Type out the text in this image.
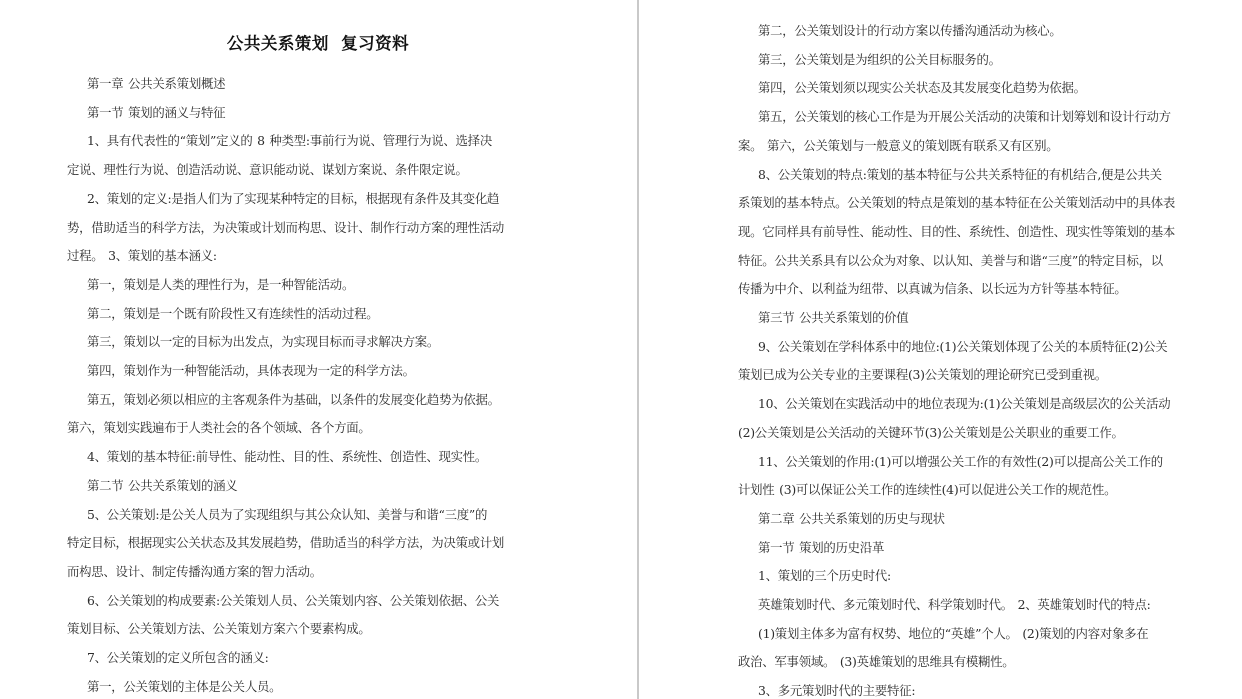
公共关系策划 复习资料
第一章 公共关系策划概述
第一节 策划的涵义与特征
1、具有代表性的“策划”定义的 8 种类型:事前行为说、管理行为说、选择决
定说、理性行为说、创造活动说、意识能动说、谋划方案说、条件限定说。
2、策划的定义:是指人们为了实现某种特定的目标，根据现有条件及其变化趋
势，借助适当的科学方法，为决策或计划而构思、设计、制作行动方案的理性活动
过程。 3、策划的基本涵义:
第一，策划是人类的理性行为，是一种智能活动。
第二，策划是一个既有阶段性又有连续性的活动过程。
第三，策划以一定的目标为出发点，为实现目标而寻求解决方案。
第四，策划作为一种智能活动，具体表现为一定的科学方法。
第五，策划必须以相应的主客观条件为基础，以条件的发展变化趋势为依据。
第六，策划实践遍布于人类社会的各个领域、各个方面。
4、策划的基本特征:前导性、能动性、目的性、系统性、创造性、现实性。
第二节 公共关系策划的涵义
5、公关策划:是公关人员为了实现组织与其公众认知、美誉与和谐“三度”的
特定目标，根据现实公关状态及其发展趋势，借助适当的科学方法，为决策或计划
而构思、设计、制定传播沟通方案的智力活动。
6、公关策划的构成要素:公关策划人员、公关策划内容、公关策划依据、公关
策划目标、公关策划方法、公关策划方案六个要素构成。
7、公关策划的定义所包含的涵义:
第一，公关策划的主体是公关人员。
第二，公关策划设计的行动方案以传播沟通活动为核心。
第三，公关策划是为组织的公关目标服务的。
第四，公关策划须以现实公关状态及其发展变化趋势为依据。
第五，公关策划的核心工作是为开展公关活动的决策和计划筹划和设计行动方
案。 第六，公关策划与一般意义的策划既有联系又有区别。
8、公关策划的特点:策划的基本特征与公共关系特征的有机结合,便是公共关
系策划的基本特点。公关策划的特点是策划的基本特征在公关策划活动中的具体表
现。它同样具有前导性、能动性、目的性、系统性、创造性、现实性等策划的基本
特征。公共关系具有以公众为对象、以认知、美誉与和谐“三度”的特定目标，以
传播为中介、以利益为纽带、以真诚为信条、以长远为方针等基本特征。
第三节 公共关系策划的价值
9、公关策划在学科体系中的地位:(1)公关策划体现了公关的本质特征(2)公关
策划已成为公关专业的主要课程(3)公关策划的理论研究已受到重视。
10、公关策划在实践活动中的地位表现为:(1)公关策划是高级层次的公关活动
(2)公关策划是公关活动的关键环节(3)公关策划是公关职业的重要工作。
11、公关策划的作用:(1)可以增强公关工作的有效性(2)可以提高公关工作的
计划性 (3)可以保证公关工作的连续性(4)可以促进公关工作的规范性。
第二章 公共关系策划的历史与现状
第一节 策划的历史沿革
1、策划的三个历史时代:
英雄策划时代、多元策划时代、科学策划时代。 2、英雄策划时代的特点:
(1)策划主体多为富有权势、地位的“英雄”个人。 (2)策划的内容对象多在
政治、军事领域。 (3)英雄策划的思维具有模糊性。
3、多元策划时代的主要特征:
